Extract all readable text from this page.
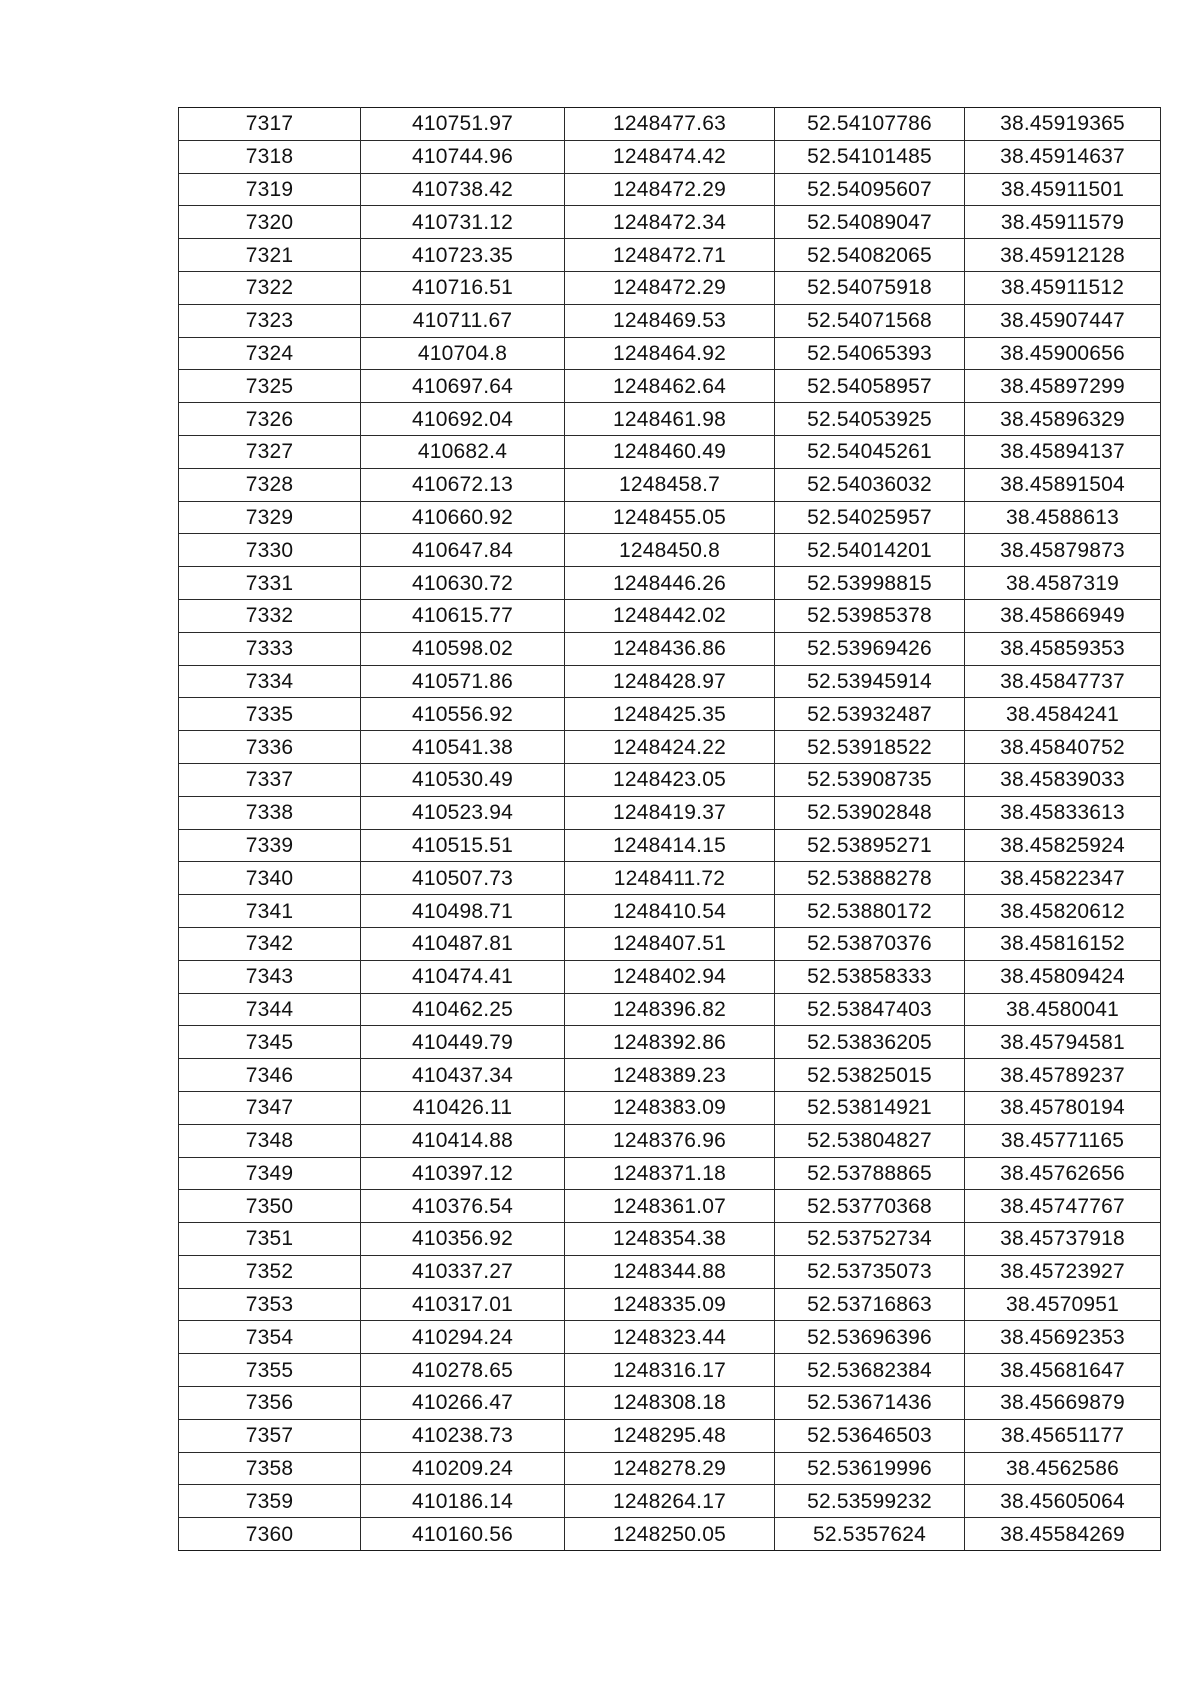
7317	410751.97	1248477.63	52.54107786	38.45919365
7318	410744.96	1248474.42	52.54101485	38.45914637
7319	410738.42	1248472.29	52.54095607	38.45911501
7320	410731.12	1248472.34	52.54089047	38.45911579
7321	410723.35	1248472.71	52.54082065	38.45912128
7322	410716.51	1248472.29	52.54075918	38.45911512
7323	410711.67	1248469.53	52.54071568	38.45907447
7324	410704.8	1248464.92	52.54065393	38.45900656
7325	410697.64	1248462.64	52.54058957	38.45897299
7326	410692.04	1248461.98	52.54053925	38.45896329
7327	410682.4	1248460.49	52.54045261	38.45894137
7328	410672.13	1248458.7	52.54036032	38.45891504
7329	410660.92	1248455.05	52.54025957	38.4588613
7330	410647.84	1248450.8	52.54014201	38.45879873
7331	410630.72	1248446.26	52.53998815	38.4587319
7332	410615.77	1248442.02	52.53985378	38.45866949
7333	410598.02	1248436.86	52.53969426	38.45859353
7334	410571.86	1248428.97	52.53945914	38.45847737
7335	410556.92	1248425.35	52.53932487	38.4584241
7336	410541.38	1248424.22	52.53918522	38.45840752
7337	410530.49	1248423.05	52.53908735	38.45839033
7338	410523.94	1248419.37	52.53902848	38.45833613
7339	410515.51	1248414.15	52.53895271	38.45825924
7340	410507.73	1248411.72	52.53888278	38.45822347
7341	410498.71	1248410.54	52.53880172	38.45820612
7342	410487.81	1248407.51	52.53870376	38.45816152
7343	410474.41	1248402.94	52.53858333	38.45809424
7344	410462.25	1248396.82	52.53847403	38.4580041
7345	410449.79	1248392.86	52.53836205	38.45794581
7346	410437.34	1248389.23	52.53825015	38.45789237
7347	410426.11	1248383.09	52.53814921	38.45780194
7348	410414.88	1248376.96	52.53804827	38.45771165
7349	410397.12	1248371.18	52.53788865	38.45762656
7350	410376.54	1248361.07	52.53770368	38.45747767
7351	410356.92	1248354.38	52.53752734	38.45737918
7352	410337.27	1248344.88	52.53735073	38.45723927
7353	410317.01	1248335.09	52.53716863	38.4570951
7354	410294.24	1248323.44	52.53696396	38.45692353
7355	410278.65	1248316.17	52.53682384	38.45681647
7356	410266.47	1248308.18	52.53671436	38.45669879
7357	410238.73	1248295.48	52.53646503	38.45651177
7358	410209.24	1248278.29	52.53619996	38.4562586
7359	410186.14	1248264.17	52.53599232	38.45605064
7360	410160.56	1248250.05	52.5357624	38.45584269
